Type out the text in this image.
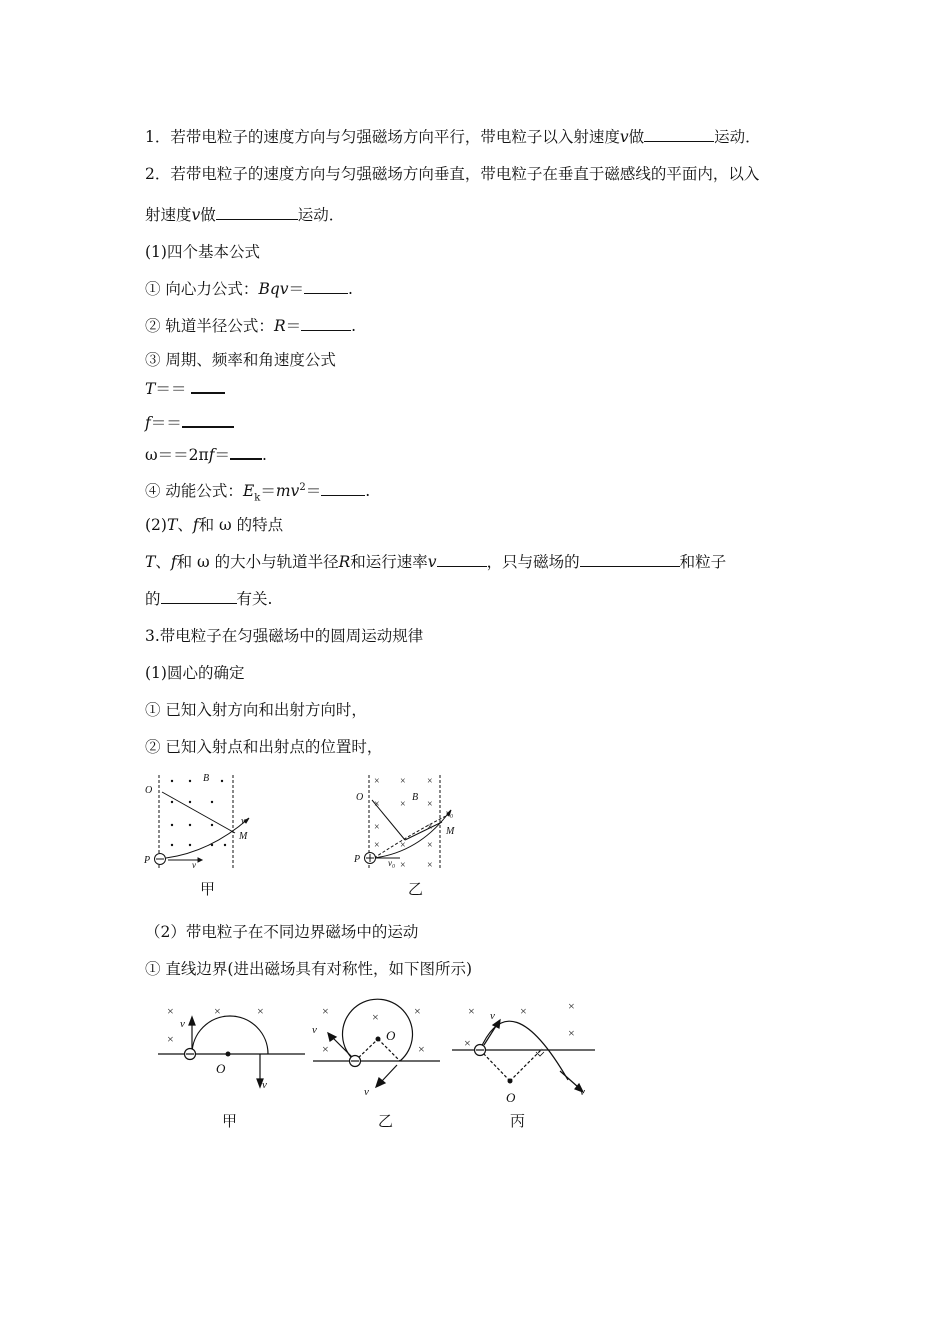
1．若带电粒子的速度方向与匀强磁场方向平行，带电粒子以入射速度v做	运动．
2．若带电粒子的速度方向与匀强磁场方向垂直，带电粒子在垂直于磁感线的平面内，以入
射速度v做	运动．
(1)四个基本公式
① 向心力公式：Bqv＝	.
② 轨道半径公式：R＝	.
③ 周期、频率和角速度公式
T＝＝
f＝＝
ω＝＝2πf＝ .
④ 动能公式：$E_k=mv^2=$	.
(2)T、f和 ω 的特点
T、f和 ω 的大小与轨道半径R和运行速率v	，只与磁场的	和粒子
的	有关.
3.带电粒子在匀强磁场中的圆周运动规律
(1)圆心的确定
① 已知入射方向和出射方向时，
② 已知入射点和出射点的位置时，
O
B
v
M
P	v
甲
× × ×
× × ×
×	×
× × ×
× ×
O	B
v₀
M
P	v₀
乙
（2）带电粒子在不同边界磁场中的运动
① 直线边界(进出磁场具有对称性，如下图所示)
×	×	×
×
v
O
v
甲
×	×
×
×	×
v	O
v
乙
×	×	×
×
×
v
O	v
丙
